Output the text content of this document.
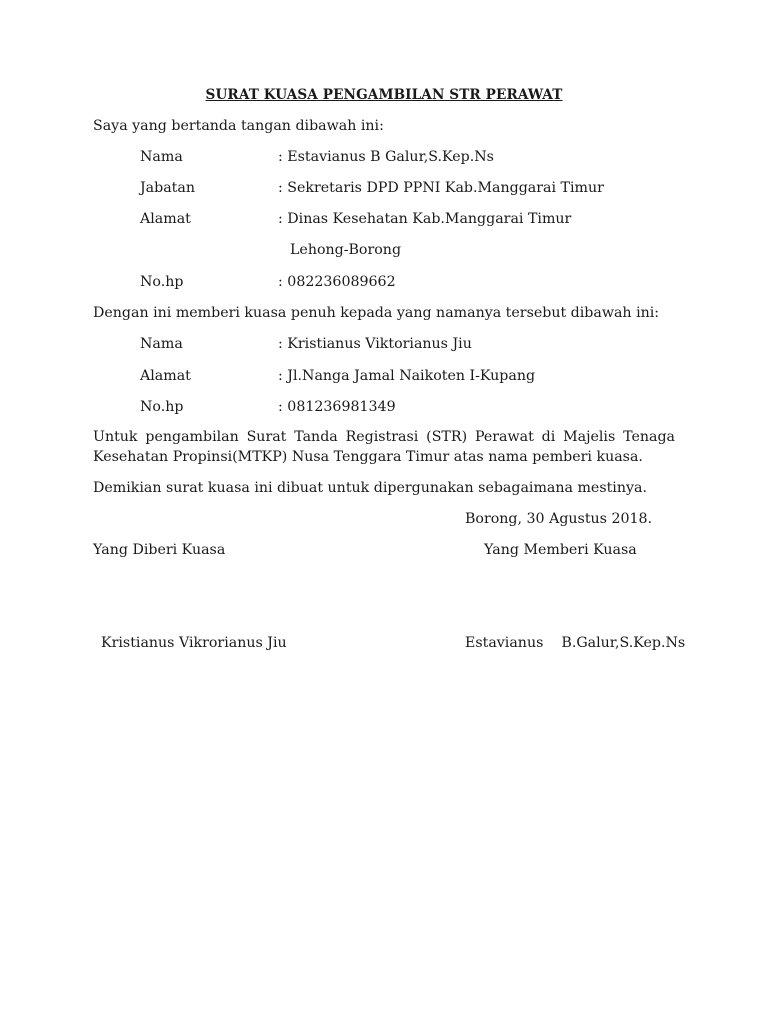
SURAT KUASA PENGAMBILAN STR PERAWAT
Saya yang bertanda tangan dibawah ini:
Nama	: Estavianus B Galur,S.Kep.Ns
Jabatan	: Sekretaris DPD PPNI Kab.Manggarai Timur
Alamat	: Dinas Kesehatan Kab.Manggarai Timur
Lehong-Borong
No.hp	: 082236089662
Dengan ini memberi kuasa penuh kepada yang namanya tersebut dibawah ini:
Nama	: Kristianus Viktorianus Jiu
Alamat	: Jl.Nanga Jamal Naikoten I-Kupang
No.hp	: 081236981349
Untuk pengambilan Surat Tanda Registrasi (STR) Perawat di Majelis Tenaga Kesehatan Propinsi(MTKP) Nusa Tenggara Timur atas nama pemberi kuasa.
Demikian surat kuasa ini dibuat untuk dipergunakan sebagaimana mestinya.
Borong, 30 Agustus 2018.
Yang Diberi Kuasa	Yang Memberi Kuasa
Kristianus Vikrorianus Jiu	Estavianus    B.Galur,S.Kep.Ns
